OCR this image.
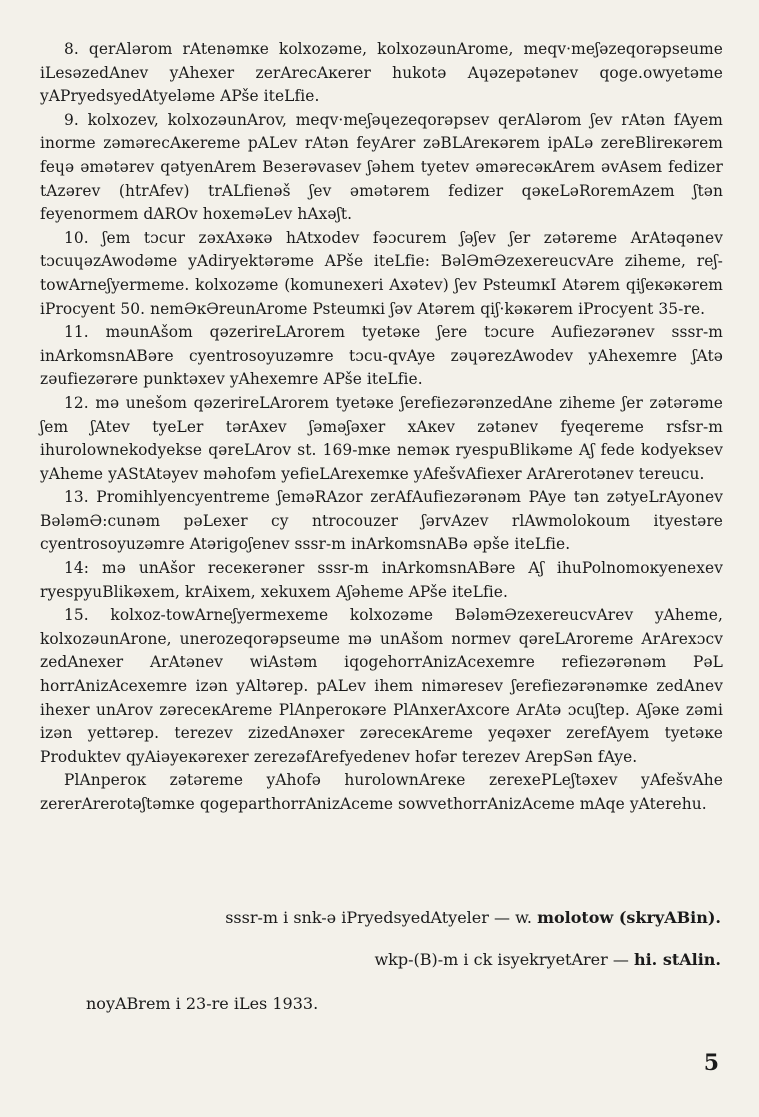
8. qerAlərom rAtenəmĸe kolxozəme, kolxozəunArome, meqv·meʃəzeqorəpseume iLesəzedAnev yAhexer zerArecAĸerer hukotə Aɥəzepətənev qoge.owyetəme yAPryedsyedAtyeləme APše iteLfie.

9. kolxozev, kolxozəunArov, meqv·meʃəɥezeqorəpsev qerAlərom ʃev rAtən fAyem inorme zəmərecAĸereme pALev rAtən feyArer zəBLAreĸərem ipALə zereBlireĸərem feɥə əmətərev qətyenArem Beзerəvasev ʃəhem tyetev əmərecəĸArem əvAsem fedizer tAzərev (htrAfev) trALfienəš ʃev əmətərem fedizer qəĸeLəRoremAzem ʃtən feyenormem dAROv hoxeməLev hAxəʃt.

10. ʃem tɔcur zəxAxəĸə hAtxodev fəɔcurem ʃəʃev ʃer zətəreme ArAtəqənev tɔcuɥəzAwodəme yAdiryektərəme APše iteLfie: BəlƏmƏzexereucvAre ziheme, reʃ-towArneʃyermeme. kolxozəme (komunexeri Axətev) ʃev PsteumĸI Atərem qiʃeĸəĸərem iProcyent 50. nemƏĸƏreunArome Psteumĸi ʃəv Atərem qiʃ·kəĸərem iProcyent 35-re.

11. məunAšom qəzerireLArorem tyetəĸe ʃere tɔcure Aufiezərənev sssr-m inArkomsnABəre cyentrosoyuzəmre tɔcu-qvAye zəɥərezAwodev yAhexemre ʃAtə zəufiezərəre punktəxev yAhexemre APše iteLfie.

12. mə unešom qəzerireLArorem tyetəĸe ʃerefiezərənzedAne ziheme ʃer zətərəme ʃem ʃAtev tyeLer tərAxev ʃəməʃəxer xAĸev zətənev fyeqereme rsfsr-m ihurolownekodyekse qəreLArov st. 169-mĸe neməĸ ryespuBlikəme Aʃ fede kodyeksev yAheme yAStAtəyev məhofəm yefieLArexemĸe yAfešvAfiexer ArArerotənev tereucu.

13. Promihlyencyentreme ʃeməRAzor zerAfAufiezərənəm PAye tən zətyeLrAyonev BələmƏ:cunəm pəLexer cy ntrocouzer ʃərvAzev rlAwmolokoum ityestəre cyentrosoyuzəmre Atərigoʃenev sssr-m inArkomsnABə əpše iteLfie.

14: mə unAšor receĸerəner sssr-m inArkomsnABəre Aʃ ihuPolnomoĸyenexev ryespyuBlikəxem, krAixem, xekuxem Aʃəheme APše iteLfie.

15. kolxoz-towArneʃyermexeme kolxozəme BələmƏzexereucvArev yAheme, kolxozəunArone, unerozeqorəpseume mə unAšom normev qəreLAroreme ArArexɔcv zedAnexer ArAtənev wiAstəm iqogehorrAnizAcexemre refiezərənəm PəL horrAnizAcexemre izən yAltərep. pALev ihem niməresev ʃerefiezərənəmĸe zedAnev ihexer unArov zəreceĸAreme PlAnperoĸəre PlAnxerAxcore ArAtə ɔcuʃtep. Aʃəĸe zəmi izən yettərep. terezev zizedAnəxer zəreceĸAreme yeqəxer zerefAyem tyetəĸe Produktev qyAiəyeĸərexer zerezəfArefyedenev hofər terezev ArepSən fAye.

PlAnperoĸ zətəreme yAhofə hurolownAreĸe zerexePLeʃtəxev yAfešvAhe zererArerotəʃtəmĸe qogeparthorrAnizAceme sowvethorrAnizAceme mAqe yAterehu.

sssr-m i snk-ə iPryedsyedAtyeler — w. molotow (skryABin).
wkp-(B)-m i ck isyekryetArer — hi. stAlin.
noyABrem i 23-re iLes 1933.
5
